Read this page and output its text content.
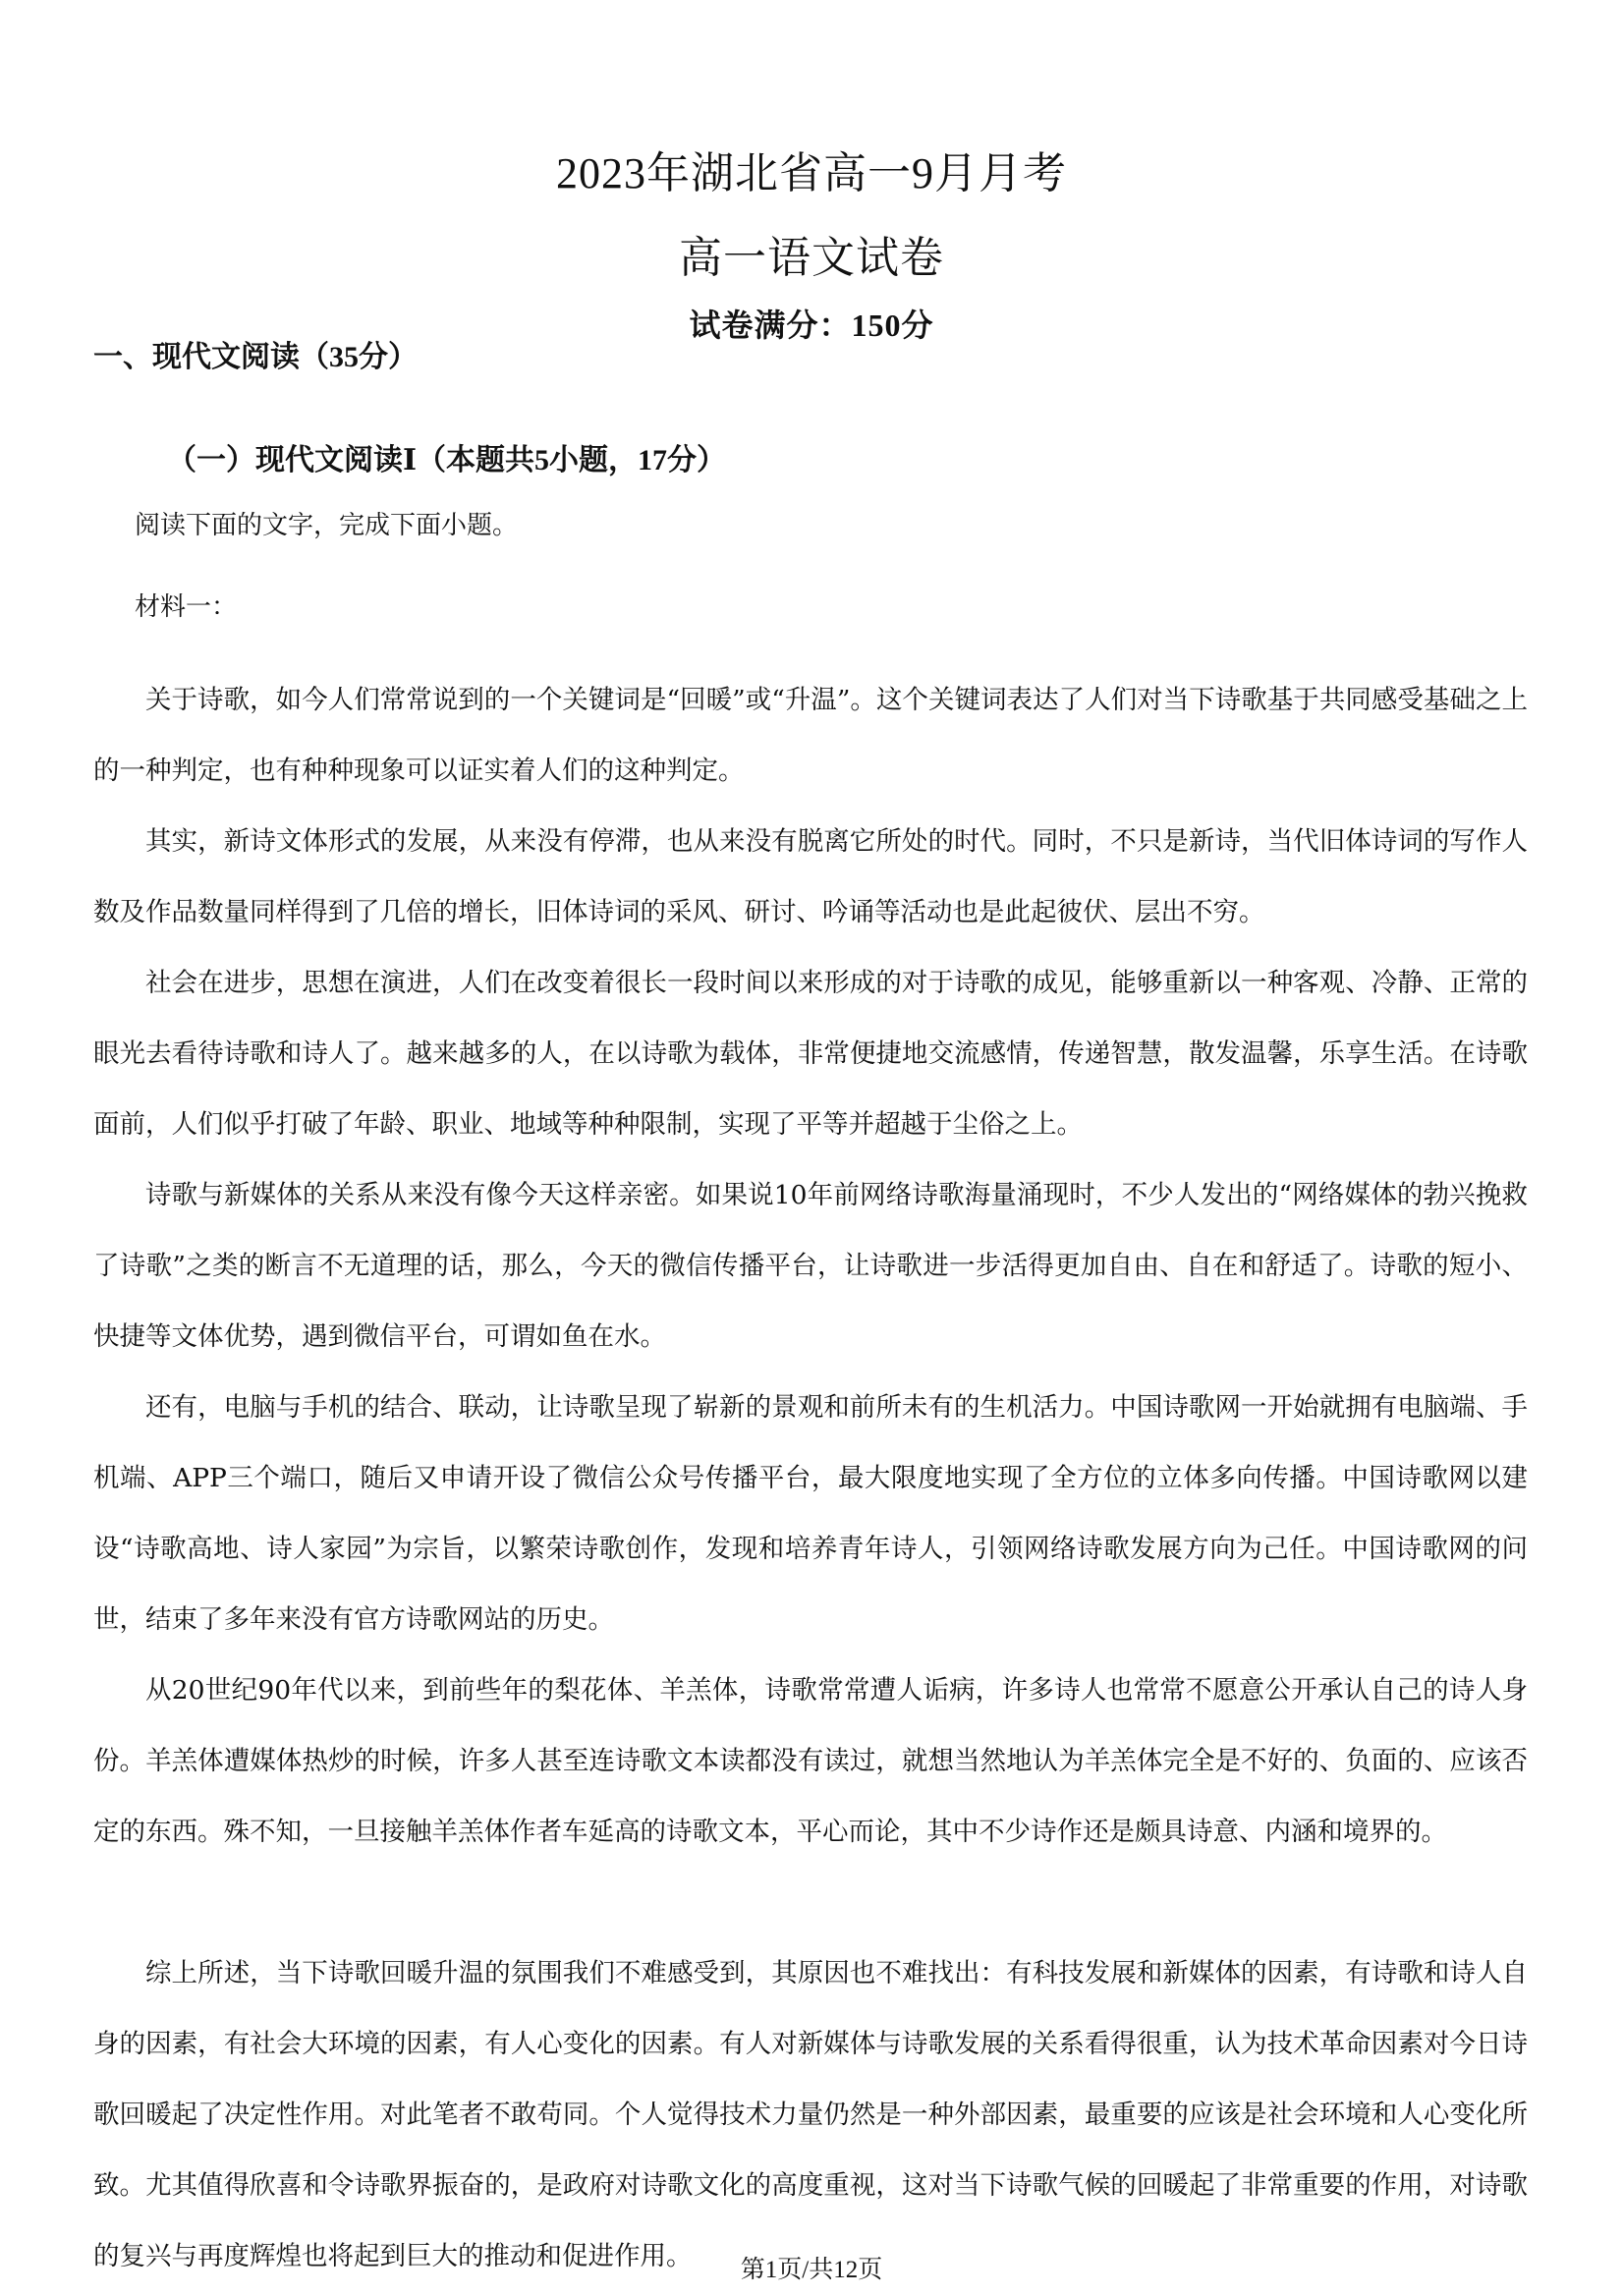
2023年湖北省高一9月月考
高一语文试卷
试卷满分：150分
一、现代文阅读（35分）
（一）现代文阅读Ⅰ（本题共5小题，17分）
阅读下面的文字，完成下面小题。
材料一：

关于诗歌，如今人们常常说到的一个关键词是“回暖”或“升温”。这个关键词表达了人们对当下诗歌基于共同感受基础之上的一种判定，也有种种现象可以证实着人们的这种判定。

其实，新诗文体形式的发展，从来没有停滞，也从来没有脱离它所处的时代。同时，不只是新诗，当代旧体诗词的写作人数及作品数量同样得到了几倍的增长，旧体诗词的采风、研讨、吟诵等活动也是此起彼伏、层出不穷。

社会在进步，思想在演进，人们在改变着很长一段时间以来形成的对于诗歌的成见，能够重新以一种客观、冷静、正常的眼光去看待诗歌和诗人了。越来越多的人，在以诗歌为载体，非常便捷地交流感情，传递智慧，散发温馨，乐享生活。在诗歌面前，人们似乎打破了年龄、职业、地域等种种限制，实现了平等并超越于尘俗之上。

诗歌与新媒体的关系从来没有像今天这样亲密。如果说10年前网络诗歌海量涌现时，不少人发出的“网络媒体的勃兴挽救了诗歌”之类的断言不无道理的话，那么，今天的微信传播平台，让诗歌进一步活得更加自由、自在和舒适了。诗歌的短小、快捷等文体优势，遇到微信平台，可谓如鱼在水。

还有，电脑与手机的结合、联动，让诗歌呈现了崭新的景观和前所未有的生机活力。中国诗歌网一开始就拥有电脑端、手机端、APP三个端口，随后又申请开设了微信公众号传播平台，最大限度地实现了全方位的立体多向传播。中国诗歌网以建设“诗歌高地、诗人家园”为宗旨，以繁荣诗歌创作，发现和培养青年诗人，引领网络诗歌发展方向为己任。中国诗歌网的问世，结束了多年来没有官方诗歌网站的历史。

从20世纪90年代以来，到前些年的梨花体、羊羔体，诗歌常常遭人诟病，许多诗人也常常不愿意公开承认自己的诗人身份。羊羔体遭媒体热炒的时候，许多人甚至连诗歌文本读都没有读过，就想当然地认为羊羔体完全是不好的、负面的、应该否定的东西。殊不知，一旦接触羊羔体作者车延高的诗歌文本，平心而论，其中不少诗作还是颇具诗意、内涵和境界的。

综上所述，当下诗歌回暖升温的氛围我们不难感受到，其原因也不难找出：有科技发展和新媒体的因素，有诗歌和诗人自身的因素，有社会大环境的因素，有人心变化的因素。有人对新媒体与诗歌发展的关系看得很重，认为技术革命因素对今日诗歌回暖起了决定性作用。对此笔者不敢苟同。个人觉得技术力量仍然是一种外部因素，最重要的应该是社会环境和人心变化所致。尤其值得欣喜和令诗歌界振奋的，是政府对诗歌文化的高度重视，这对当下诗歌气候的回暖起了非常重要的作用，对诗歌的复兴与再度辉煌也将起到巨大的推动和促进作用。	第1页/共12页
